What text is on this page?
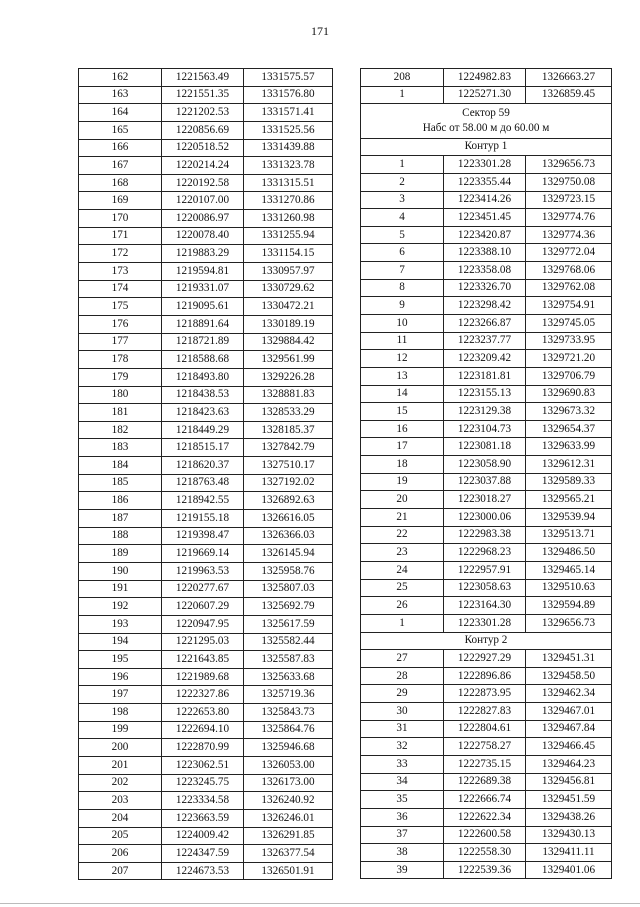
171
162	1221563.49	1331575.57
163	1221551.35	1331576.80
164	1221202.53	1331571.41
165	1220856.69	1331525.56
166	1220518.52	1331439.88
167	1220214.24	1331323.78
168	1220192.58	1331315.51
169	1220107.00	1331270.86
170	1220086.97	1331260.98
171	1220078.40	1331255.94
172	1219883.29	1331154.15
173	1219594.81	1330957.97
174	1219331.07	1330729.62
175	1219095.61	1330472.21
176	1218891.64	1330189.19
177	1218721.89	1329884.42
178	1218588.68	1329561.99
179	1218493.80	1329226.28
180	1218438.53	1328881.83
181	1218423.63	1328533.29
182	1218449.29	1328185.37
183	1218515.17	1327842.79
184	1218620.37	1327510.17
185	1218763.48	1327192.02
186	1218942.55	1326892.63
187	1219155.18	1326616.05
188	1219398.47	1326366.03
189	1219669.14	1326145.94
190	1219963.53	1325958.76
191	1220277.67	1325807.03
192	1220607.29	1325692.79
193	1220947.95	1325617.59
194	1221295.03	1325582.44
195	1221643.85	1325587.83
196	1221989.68	1325633.68
197	1222327.86	1325719.36
198	1222653.80	1325843.73
199	1222694.10	1325864.76
200	1222870.99	1325946.68
201	1223062.51	1326053.00
202	1223245.75	1326173.00
203	1223334.58	1326240.92
204	1223663.59	1326246.01
205	1224009.42	1326291.85
206	1224347.59	1326377.54
207	1224673.53	1326501.91
208	1224982.83	1326663.27
1	1225271.30	1326859.45
Сектор 59
Набс от 58.00 м до 60.00 м		
Контур 1		
1	1223301.28	1329656.73
2	1223355.44	1329750.08
3	1223414.26	1329723.15
4	1223451.45	1329774.76
5	1223420.87	1329774.36
6	1223388.10	1329772.04
7	1223358.08	1329768.06
8	1223326.70	1329762.08
9	1223298.42	1329754.91
10	1223266.87	1329745.05
11	1223237.77	1329733.95
12	1223209.42	1329721.20
13	1223181.81	1329706.79
14	1223155.13	1329690.83
15	1223129.38	1329673.32
16	1223104.73	1329654.37
17	1223081.18	1329633.99
18	1223058.90	1329612.31
19	1223037.88	1329589.33
20	1223018.27	1329565.21
21	1223000.06	1329539.94
22	1222983.38	1329513.71
23	1222968.23	1329486.50
24	1222957.91	1329465.14
25	1223058.63	1329510.63
26	1223164.30	1329594.89
1	1223301.28	1329656.73
Контур 2		
27	1222927.29	1329451.31
28	1222896.86	1329458.50
29	1222873.95	1329462.34
30	1222827.83	1329467.01
31	1222804.61	1329467.84
32	1222758.27	1329466.45
33	1222735.15	1329464.23
34	1222689.38	1329456.81
35	1222666.74	1329451.59
36	1222622.34	1329438.26
37	1222600.58	1329430.13
38	1222558.30	1329411.11
39	1222539.36	1329401.06
